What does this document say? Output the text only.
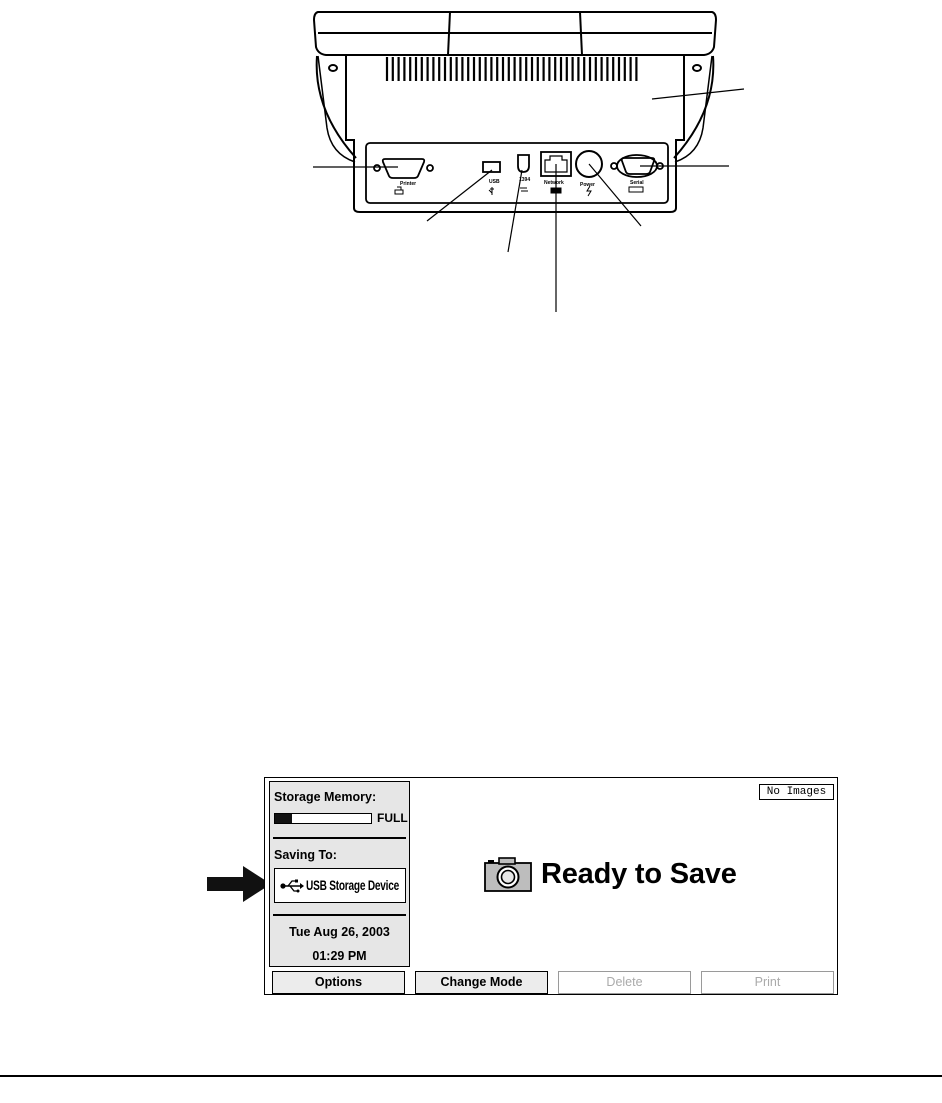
Printer	USB	1394	Network	Power	Serial
Storage Memory:
FULL
Saving To:
USB Storage Device
Tue Aug 26, 2003
01:29 PM
No Images
Ready to Save
Options	Change Mode	Delete	Print
